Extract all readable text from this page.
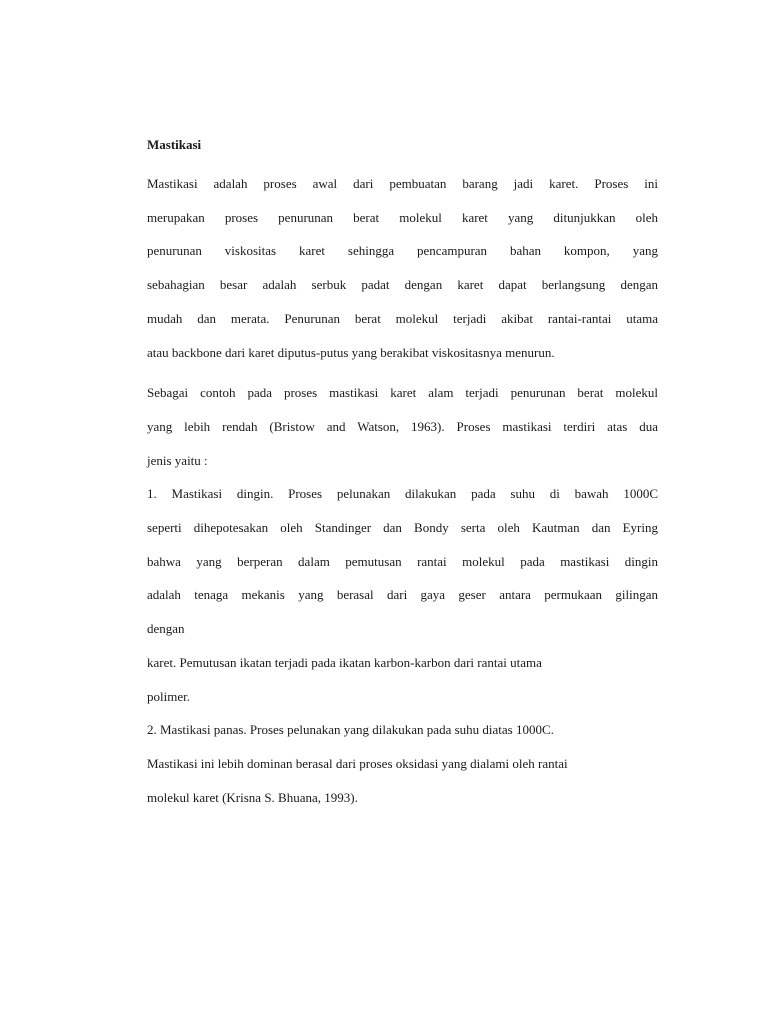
Mastikasi
Mastikasi adalah proses awal dari pembuatan barang jadi karet. Proses ini
merupakan proses penurunan berat molekul karet yang ditunjukkan oleh
penurunan viskositas karet sehingga pencampuran bahan kompon, yang
sebahagian besar adalah serbuk padat dengan karet dapat berlangsung dengan
mudah dan merata. Penurunan berat molekul terjadi akibat rantai-rantai utama
atau backbone dari karet diputus-putus yang berakibat viskositasnya menurun.
Sebagai contoh pada proses mastikasi karet alam terjadi penurunan berat molekul
yang lebih rendah (Bristow and Watson, 1963). Proses mastikasi terdiri atas dua
jenis yaitu :
1. Mastikasi dingin. Proses pelunakan dilakukan pada suhu di bawah 1000C
seperti dihepotesakan oleh Standinger dan Bondy serta oleh Kautman dan Eyring
bahwa yang berperan dalam pemutusan rantai molekul pada mastikasi dingin
adalah tenaga mekanis yang berasal dari gaya geser antara permukaan gilingan
dengan
karet. Pemutusan ikatan terjadi pada ikatan karbon-karbon dari rantai utama
polimer.
2. Mastikasi panas. Proses pelunakan yang dilakukan pada suhu diatas 1000C.
Mastikasi ini lebih dominan berasal dari proses oksidasi yang dialami oleh rantai
molekul karet (Krisna S. Bhuana, 1993).
